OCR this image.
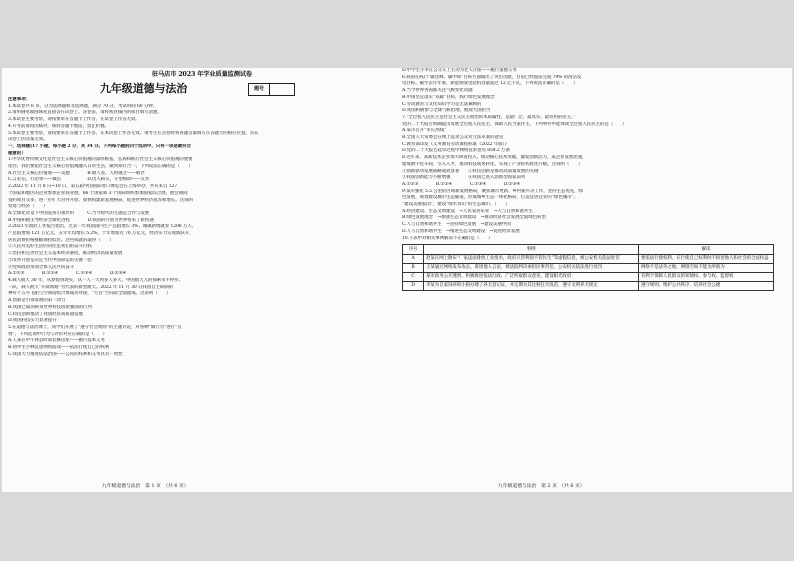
驻马店市 2023 年学业质量监测试卷

九年级道德与法治	题号

注意事项：

1.本试卷共 6 页，分为选择题和非选择题，满分 70 分，考试时间 60 分钟。

2.请用钢笔或圆珠笔直接答在试卷上。答卷前，请将密封线内的项目填写清楚。

3.本试卷主要考察，请按要求在答题卡上作答，在试卷上作答无效。

4.开考前请再次核对，保持答题卡整洁，禁止折叠。

5.本试卷主要考察，请按要求在答题卡上作答，在本试卷上作答无效。请考生在答卷时将各题答案填写在答题卡的相应位置，答在

试卷上的答案无效。

一、选择题(17 小题，每小题 2 分，共 34 分。下列每小题的四个选项中，只有一项是最符合

题意的）

1.中华优秀传统文化是社会主义核心价值观的深厚根基，弘扬和践行社会主义核心价值观的重要

途径。我们要把社会主义核心价值观融入日常生活，做到知行合一。下列说法正确的是（　　）

A.社会主义核心价值观——美德　　　　B.敬人者，人恒敬之——敬老

C.言必信，行必果——诚信　　　　　　D.出入相友，守望相助——友善

2.2022 年 11 月 8 日~10 日，第五届中国国际进口博览会在上海举办，共有来自 127

个国家和地区的企业参加企业商业展，66 个国家和 3 个国际组织参加国家综合展。展会期间

签约项目众多，进一步扩大对外开放，加快构建新发展格局，促进世界经济复苏和增长。这说明

贸易与经济（　　）

A.全球化背景下中国发挥引领作用　　　C.当今时代的主题是合作与发展

B.中国积极主导经济全球化进程　　　　D.我国的开放为世界带来了新机遇

3.2023 年政府工作报告指出，过去一年我国国内生产总值增长 3%，城镇新增就业 1206 万人，

产总值增加 121 万亿元，五年年均增长 5.2%，十年增加近 70 万亿元，经济实力实现新跃升，

居民消费价格涨幅保持低位。这些成就的取得（　　）

①人民对美好生活的向往是我们的奋斗目标

②坚持和完善社会主义基本经济制度，推动经济高质量发展

③改革开放是决定当代中国命运的关键一招

④党和政府带领全体人民共同奋斗

A.①②③　　　　B.①②④　　　　C.①③④　　　　D.②③④

4.载人航天 30 年，从梦想到现实，从一人一天到多人多天，中国航天人的探索永不停步。

一队，载人航天“开辟新路”为代表的新型航天。2022 年 11 月 30 日我国自主研制的

神舟十五号飞船与空间站组合体成功对接，“天宫”空间站全面建成。这表明（　　）

A.创新是引领发展的第一动力

B.我国已成功跻身世界科技创新强国的行列

C.科技创新推动了我国经济高质量发展

D.我国科技实力显著提升

5.在道德与法治课上，同学们开展了“遵守社会规则”的主题讨论，对各种“做行为”进行“点

赞”。下列选项中行为与评价对应正确的是（　　）

A.王某在中午休息时间装修房屋——履行基本义务

B.初中生小林沉迷网络游戏——依法行使自己的权利

C.我国大力推进依法治国——公民的权利和义务具有一致性

九年级道德与法治　第 1 页　（共 6 页）

D.中学生小李在公交车上主动为老人让座——履行道德义务

6.我国在践行“碳达峰、碳中和”目标方面做出了突出贡献，目前已经提前完成 79% 的清洁发

电目标。截至去年年底，新能源发电装机容量超过 12 亿千瓦，下列说法正确的是（　　）

A.当今世界各国都关注气候变化问题

B.中国坚定落实“双碳”目标，践行绿色发展理念

C.劳动教育与文化知识学习是无法兼顾的

D.我国积极参与全球气候治理，展现大国担当

7.“全过程人民民主是社会主义民主政治的本质属性，是最广泛、最真实、最管用的民主。”

党的二十大报告明确提出发展全过程人民民主，保障人民当家作主。下列事件中能体现全过程人民民主的是（　　）

A.某市召开“市长热线”

B.全国人大常委会在网上征求公众对立法草案的意见

C.教育部印发《义务教育劳动课程标准（2022 年版）》

D.党的二十大报告起草过程中网络征求意见 854.2 万条

8.近年来，高新技术企业加大研发投入，推动核心技术突破，激发创新活力，某企业发展迅速，

建成数字化车间，引入人才，推动科技成果转化，实现了产业结构优化升级。这说明（　　）

①创新驱动发展战略成效显著　　②科技创新是推动高质量发展的关键

③我国创新能力不断增强　　　　④我国已进入创新型国家前列

A.①②③　　　　B.①②④　　　　C.①③④　　　　D.②③④

9.某市强化 5.5 公里的区域新发展格局，聚焦城市更新、乡村振兴等工作，坚持生态优先，绿

色发展，规划建设城市生态廊道，形成城乡生态一体化格局，打造宜居宜业的“绿色城市”。

“建设美丽家园”，建设“绿水青山”的生态城市。（　　）

A.经济建设、生态文明建设　→人民安居乐业　→人与自然和谐共生

B.绿色发展理念　→加强生态文明建设　→推动经济社会发展全面绿色转型

C.人与自然和谐共生　→坚持绿色发展　→建设美丽中国

D.人与自然和谐共生　→推进生态文明建设　→促进经济发展

10.下表中对相关事例解读不正确的是（　　）

序号	事例	解读
A	赵某在网上散布“厂家违法排放工业废水，政府只管利润不管民生”等虚假信息，被公安机关依法处罚	要依法行使权利，在行使自己权利时不损害他人和社会的合法权益
B	王某通过网络发布攻击、诽谤他人言论，被法院判决承担民事责任，公安机关依法进行处罚	网络不是法外之地，网络空间不能为所欲为
C	某市政务公开透明，积极推进依法行政，广泛听取群众意见，建设阳光政府	有利于保障人民群众的知情权、参与权、监督权
D	李某为自家饲养的小狗办理了养犬登记证，并定期为其注射狂犬疫苗，遵守文明养犬规定	遵守规则，维护公共秩序，培养社会公德
九年级道德与法治　第 2 页　（共 6 页）
